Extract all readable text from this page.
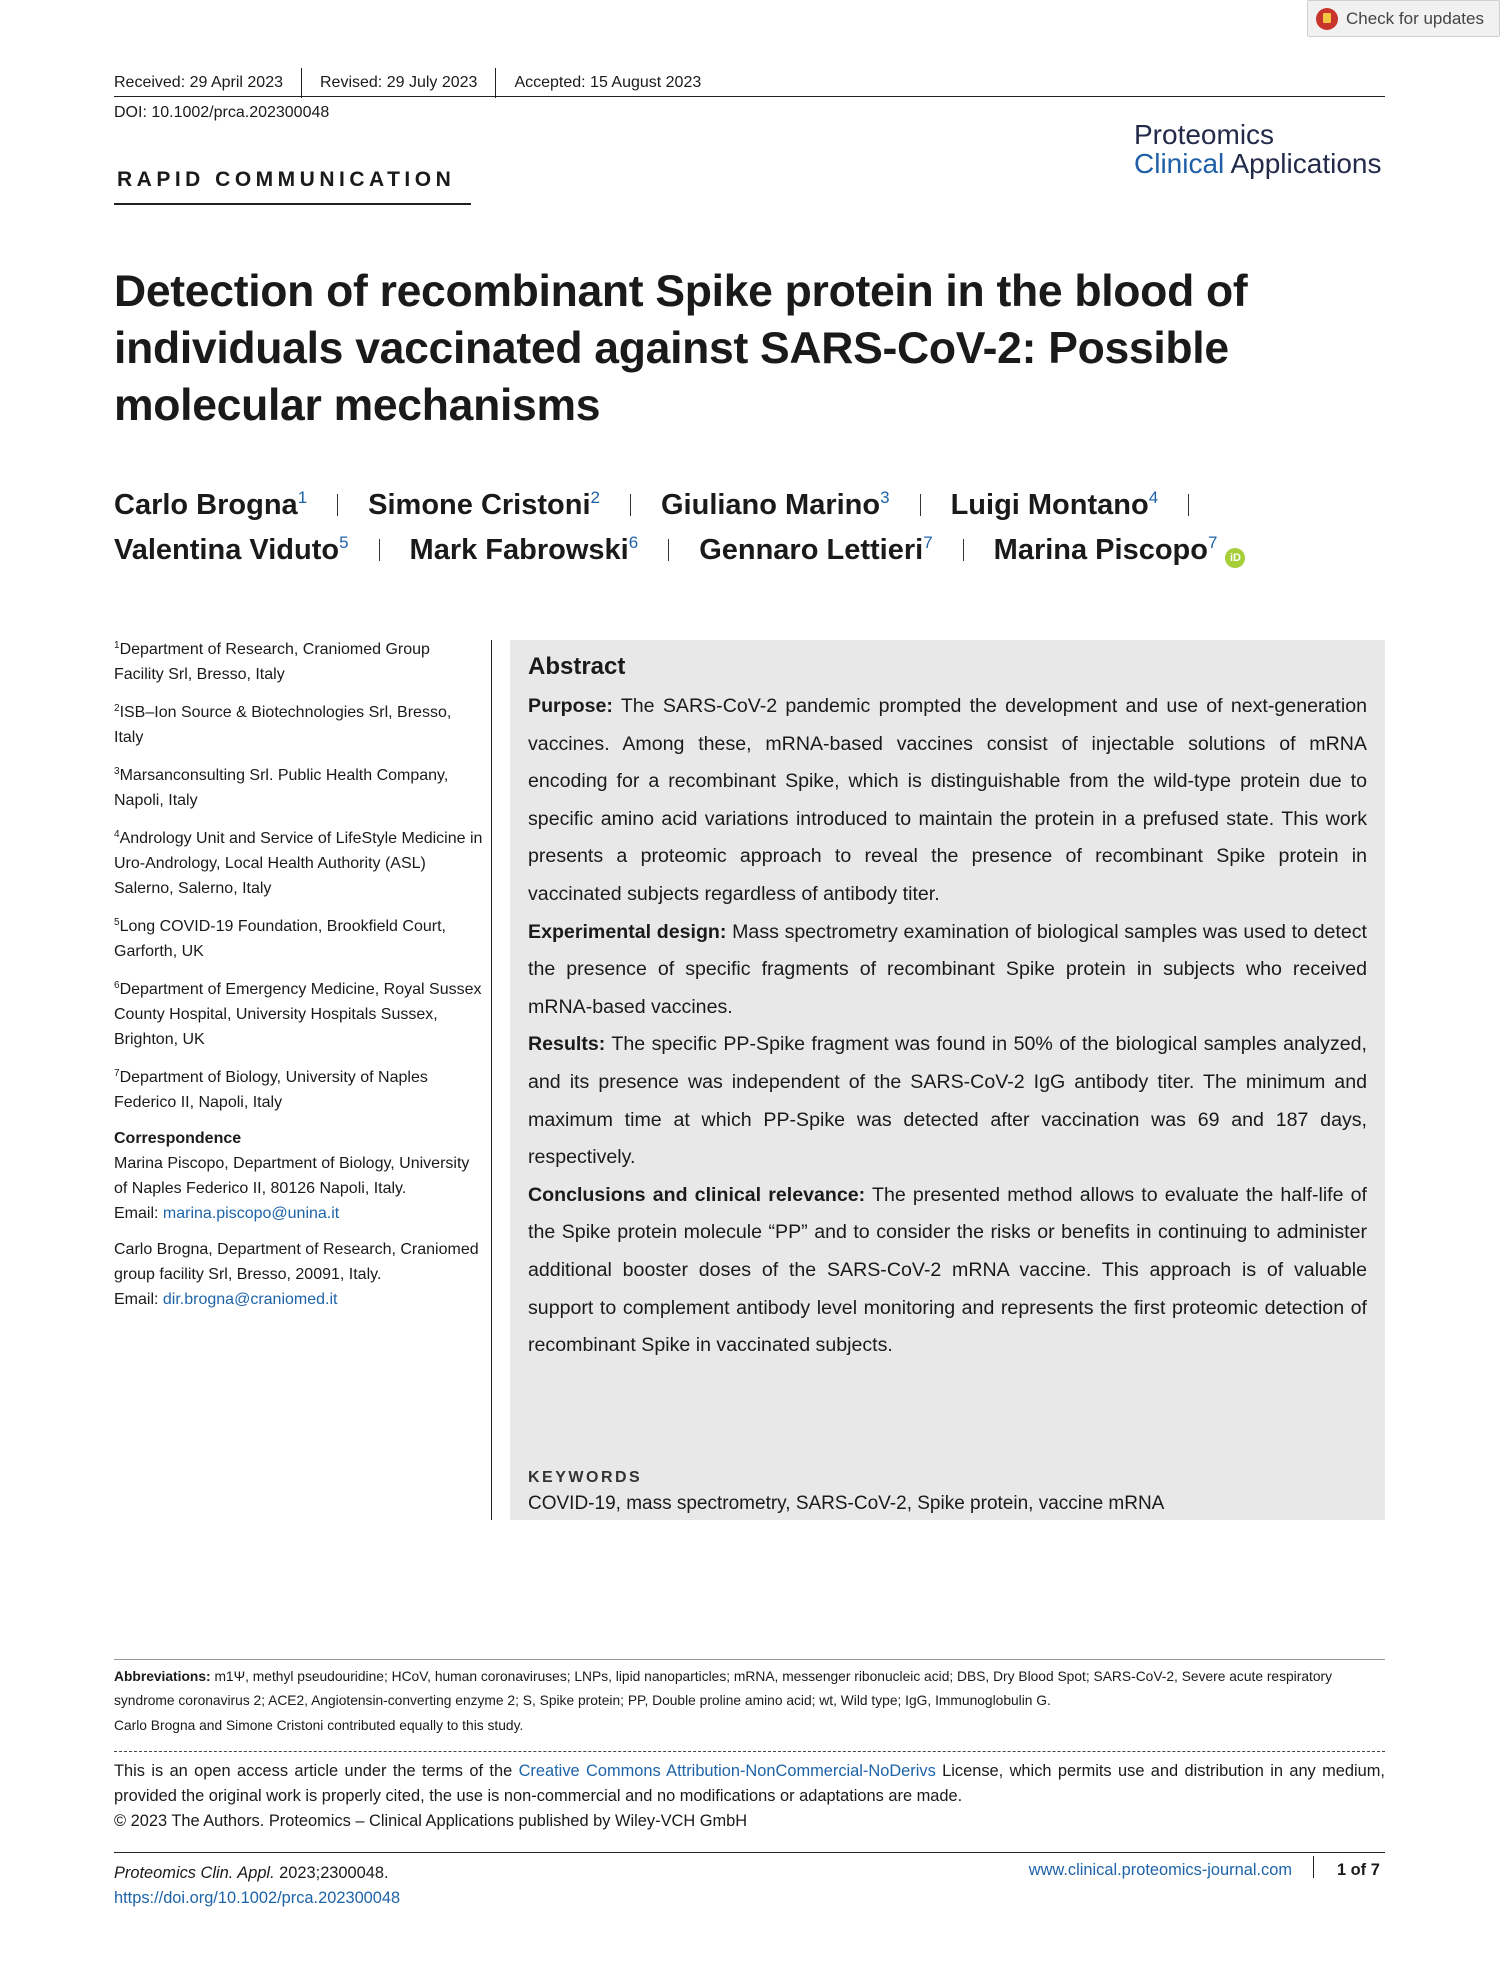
Check for updates
Received: 29 April 2023	Revised: 29 July 2023	Accepted: 15 August 2023
DOI: 10.1002/prca.202300048
Proteomics
Clinical Applications
RAPID COMMUNICATION
Detection of recombinant Spike protein in the blood of individuals vaccinated against SARS-CoV-2: Possible molecular mechanisms
Carlo Brogna$^1$ Simone Cristoni$^2$ Giuliano Marino$^3$ Luigi Montano$^4$
Valentina Viduto$^5$ Mark Fabrowski$^6$ Gennaro Lettieri$^7$ Marina Piscopo$^7$
iD
$^1$Department of Research, Craniomed Group Facility Srl, Bresso, Italy
$^2$ISB–Ion Source & Biotechnologies Srl, Bresso, Italy
$^3$Marsanconsulting Srl. Public Health Company, Napoli, Italy
$^4$Andrology Unit and Service of LifeStyle Medicine in Uro-Andrology, Local Health Authority (ASL) Salerno, Salerno, Italy
$^5$Long COVID-19 Foundation, Brookfield Court, Garforth, UK
$^6$Department of Emergency Medicine, Royal Sussex County Hospital, University Hospitals Sussex, Brighton, UK
$^7$Department of Biology, University of Naples Federico II, Napoli, Italy
Correspondence
Marina Piscopo, Department of Biology, University of Naples Federico II, 80126 Napoli, Italy.
Email: marina.piscopo@unina.it
Carlo Brogna, Department of Research, Craniomed group facility Srl, Bresso, 20091, Italy.
Email: dir.brogna@craniomed.it
Abstract

Purpose: The SARS-CoV-2 pandemic prompted the development and use of next-generation vaccines. Among these, mRNA-based vaccines consist of injectable solutions of mRNA encoding for a recombinant Spike, which is distinguishable from the wild-type protein due to specific amino acid variations introduced to maintain the protein in a prefused state. This work presents a proteomic approach to reveal the presence of recombinant Spike protein in vaccinated subjects regardless of antibody titer.

Experimental design: Mass spectrometry examination of biological samples was used to detect the presence of specific fragments of recombinant Spike protein in subjects who received mRNA-based vaccines.

Results: The specific PP-Spike fragment was found in 50% of the biological samples analyzed, and its presence was independent of the SARS-CoV-2 IgG antibody titer. The minimum and maximum time at which PP-Spike was detected after vaccination was 69 and 187 days, respectively.

Conclusions and clinical relevance: The presented method allows to evaluate the half-life of the Spike protein molecule “PP” and to consider the risks or benefits in continuing to administer additional booster doses of the SARS-CoV-2 mRNA vaccine. This approach is of valuable support to complement antibody level monitoring and represents the first proteomic detection of recombinant Spike in vaccinated subjects.

KEYWORDS
COVID-19, mass spectrometry, SARS-CoV-2, Spike protein, vaccine mRNA
Abbreviations: m1Ψ, methyl pseudouridine; HCoV, human coronaviruses; LNPs, lipid nanoparticles; mRNA, messenger ribonucleic acid; DBS, Dry Blood Spot; SARS-CoV-2, Severe acute respiratory syndrome coronavirus 2; ACE2, Angiotensin-converting enzyme 2; S, Spike protein; PP, Double proline amino acid; wt, Wild type; IgG, Immunoglobulin G.
Carlo Brogna and Simone Cristoni contributed equally to this study.
This is an open access article under the terms of the Creative Commons Attribution-NonCommercial-NoDerivs License, which permits use and distribution in any medium, provided the original work is properly cited, the use is non-commercial and no modifications or adaptations are made.
© 2023 The Authors. Proteomics – Clinical Applications published by Wiley-VCH GmbH
Proteomics Clin. Appl. 2023;2300048.
https://doi.org/10.1002/prca.202300048
www.clinical.proteomics-journal.com	1 of 7
